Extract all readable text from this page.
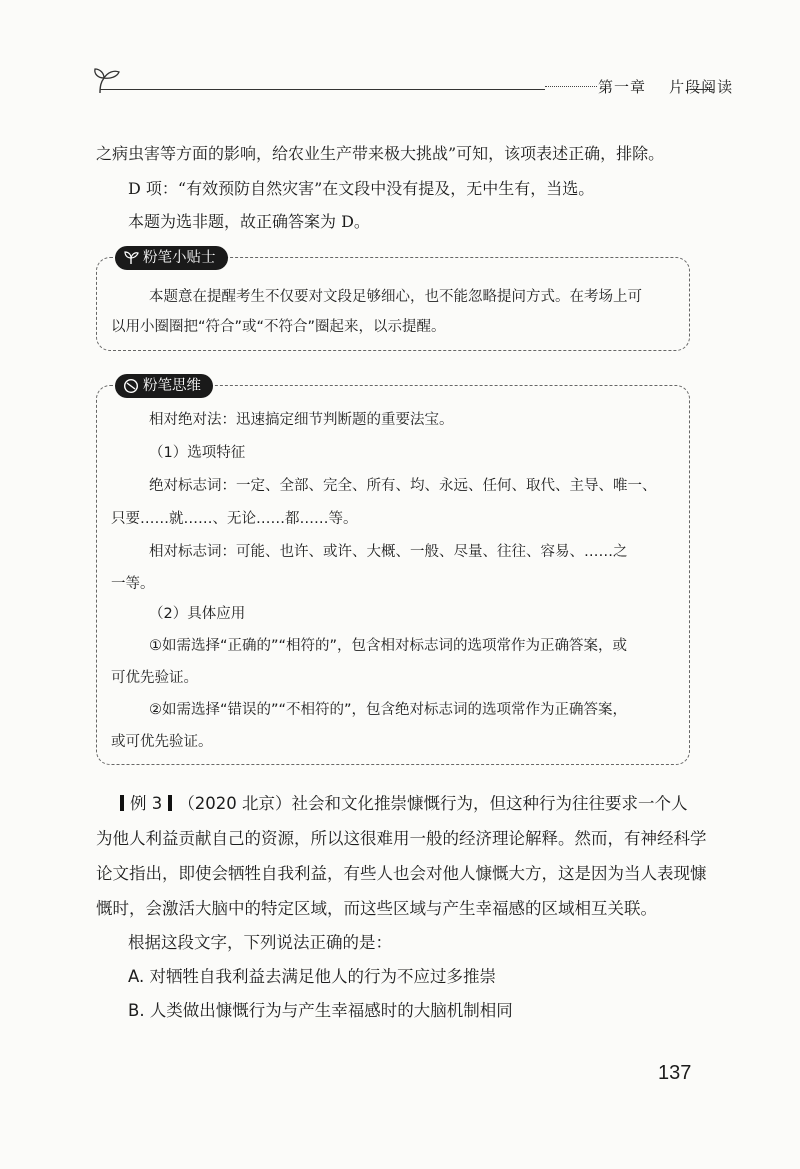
第一章 片段阅读

之病虫害等方面的影响，给农业生产带来极大挑战”可知，该项表述正确，排除。

D 项：“有效预防自然灾害”在文段中没有提及，无中生有，当选。

本题为选非题，故正确答案为 D。

粉笔小贴士

本题意在提醒考生不仅要对文段足够细心，也不能忽略提问方式。在考场上可

以用小圈圈把“符合”或“不符合”圈起来，以示提醒。

粉笔思维

相对绝对法：迅速搞定细节判断题的重要法宝。

（1）选项特征

绝对标志词：一定、全部、完全、所有、均、永远、任何、取代、主导、唯一、

只要……就……、无论……都……等。

相对标志词：可能、也许、或许、大概、一般、尽量、往往、容易、……之

一等。

（2）具体应用

①如需选择“正确的”“相符的”，包含相对标志词的选项常作为正确答案，或

可优先验证。

②如需选择“错误的”“不相符的”，包含绝对标志词的选项常作为正确答案，

或可优先验证。

例 3 （2020 北京）社会和文化推崇慷慨行为，但这种行为往往要求一个人

为他人利益贡献自己的资源，所以这很难用一般的经济理论解释。然而，有神经科学

论文指出，即使会牺牲自我利益，有些人也会对他人慷慨大方，这是因为当人表现慷

慨时，会激活大脑中的特定区域，而这些区域与产生幸福感的区域相互关联。

根据这段文字，下列说法正确的是：

A. 对牺牲自我利益去满足他人的行为不应过多推崇

B. 人类做出慷慨行为与产生幸福感时的大脑机制相同

137
